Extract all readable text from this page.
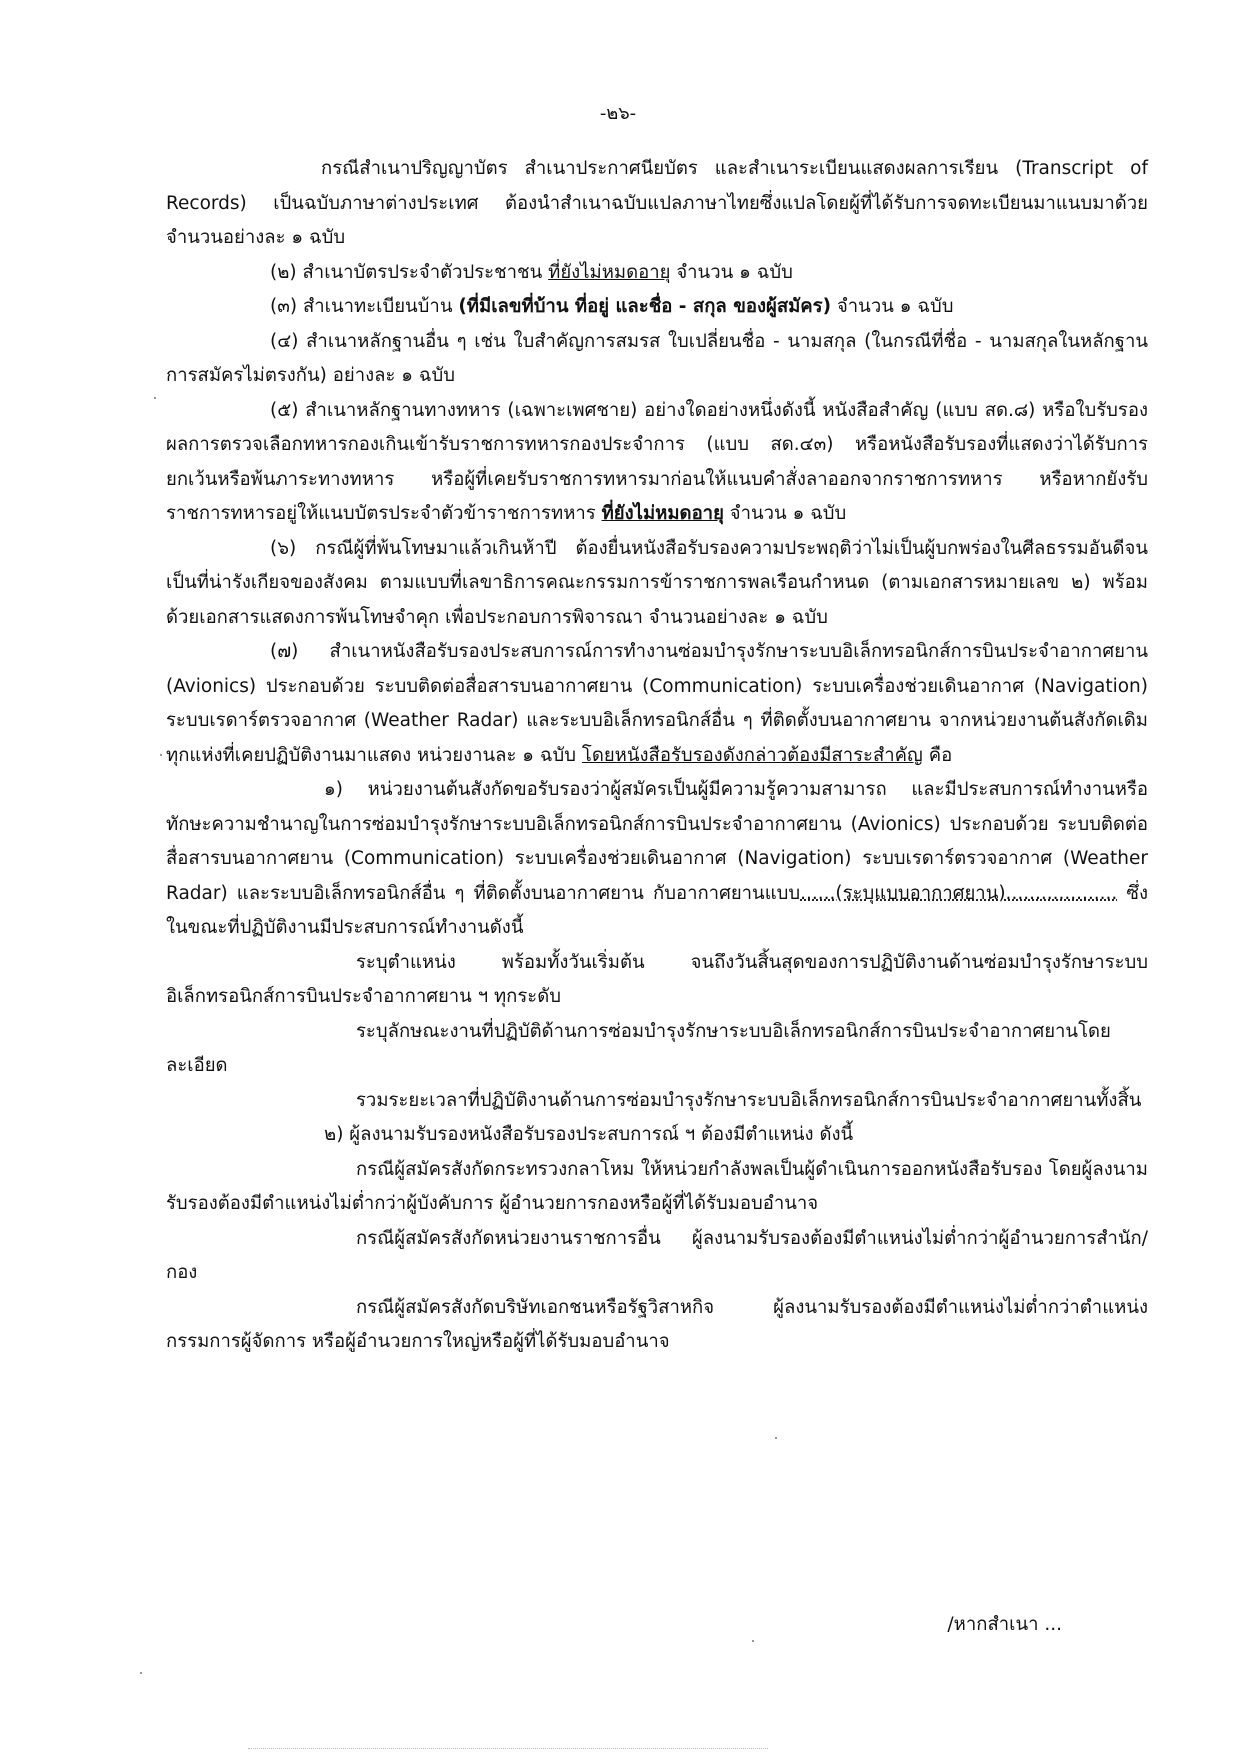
-๒๖-

กรณีสำเนาปริญญาบัตร สำเนาประกาศนียบัตร และสำเนาระเบียนแสดงผลการเรียน (Transcript of Records) เป็นฉบับภาษาต่างประเทศ ต้องนำสำเนาฉบับแปลภาษาไทยซึ่งแปลโดยผู้ที่ได้รับการจดทะเบียนมาแนบมาด้วย จำนวนอย่างละ ๑ ฉบับ

(๒) สำเนาบัตรประจำตัวประชาชน ที่ยังไม่หมดอายุ จำนวน ๑ ฉบับ

(๓) สำเนาทะเบียนบ้าน (ที่มีเลขที่บ้าน ที่อยู่ และชื่อ - สกุล ของผู้สมัคร) จำนวน ๑ ฉบับ

(๔) สำเนาหลักฐานอื่น ๆ เช่น ใบสำคัญการสมรส ใบเปลี่ยนชื่อ - นามสกุล (ในกรณีที่ชื่อ - นามสกุลในหลักฐานการสมัครไม่ตรงกัน) อย่างละ ๑ ฉบับ

(๕) สำเนาหลักฐานทางทหาร (เฉพาะเพศชาย) อย่างใดอย่างหนึ่งดังนี้ หนังสือสำคัญ (แบบ สด.๘) หรือใบรับรองผลการตรวจเลือกทหารกองเกินเข้ารับราชการทหารกองประจำการ (แบบ สด.๔๓) หรือหนังสือรับรองที่แสดงว่าได้รับการยกเว้นหรือพ้นภาระทางทหาร หรือผู้ที่เคยรับราชการทหารมาก่อนให้แนบคำสั่งลาออกจากราชการทหาร หรือหากยังรับราชการทหารอยู่ให้แนบบัตรประจำตัวข้าราชการทหาร ที่ยังไม่หมดอายุ จำนวน ๑ ฉบับ

(๖) กรณีผู้ที่พ้นโทษมาแล้วเกินห้าปี ต้องยื่นหนังสือรับรองความประพฤติว่าไม่เป็นผู้บกพร่องในศีลธรรมอันดีจนเป็นที่น่ารังเกียจของสังคม ตามแบบที่เลขาธิการคณะกรรมการข้าราชการพลเรือนกำหนด (ตามเอกสารหมายเลข ๒) พร้อมด้วยเอกสารแสดงการพ้นโทษจำคุก เพื่อประกอบการพิจารณา จำนวนอย่างละ ๑ ฉบับ

(๗) สำเนาหนังสือรับรองประสบการณ์การทำงานซ่อมบำรุงรักษาระบบอิเล็กทรอนิกส์การบินประจำอากาศยาน (Avionics) ประกอบด้วย ระบบติดต่อสื่อสารบนอากาศยาน (Communication) ระบบเครื่องช่วยเดินอากาศ (Navigation) ระบบเรดาร์ตรวจอากาศ (Weather Radar) และระบบอิเล็กทรอนิกส์อื่น ๆ ที่ติดตั้งบนอากาศยาน จากหน่วยงานต้นสังกัดเดิมทุกแห่งที่เคยปฏิบัติงานมาแสดง หน่วยงานละ ๑ ฉบับ โดยหนังสือรับรองดังกล่าวต้องมีสาระสำคัญ คือ

๑) หน่วยงานต้นสังกัดขอรับรองว่าผู้สมัครเป็นผู้มีความรู้ความสามารถ และมีประสบการณ์ทำงานหรือทักษะความชำนาญในการซ่อมบำรุงรักษาระบบอิเล็กทรอนิกส์การบินประจำอากาศยาน (Avionics) ประกอบด้วย ระบบติดต่อสื่อสารบนอากาศยาน (Communication) ระบบเครื่องช่วยเดินอากาศ (Navigation) ระบบเรดาร์ตรวจอากาศ (Weather Radar) และระบบอิเล็กทรอนิกส์อื่น ๆ ที่ติดตั้งบนอากาศยาน กับอากาศยานแบบ......(ระบุแบบอากาศยาน)................... ซึ่งในขณะที่ปฏิบัติงานมีประสบการณ์ทำงานดังนี้

ระบุตำแหน่ง พร้อมทั้งวันเริ่มต้น จนถึงวันสิ้นสุดของการปฏิบัติงานด้านซ่อมบำรุงรักษาระบบอิเล็กทรอนิกส์การบินประจำอากาศยาน ฯ ทุกระดับ

ระบุลักษณะงานที่ปฏิบัติด้านการซ่อมบำรุงรักษาระบบอิเล็กทรอนิกส์การบินประจำอากาศยานโดยละเอียด

รวมระยะเวลาที่ปฏิบัติงานด้านการซ่อมบำรุงรักษาระบบอิเล็กทรอนิกส์การบินประจำอากาศยานทั้งสิ้น

๒) ผู้ลงนามรับรองหนังสือรับรองประสบการณ์ ฯ ต้องมีตำแหน่ง ดังนี้

กรณีผู้สมัครสังกัดกระทรวงกลาโหม ให้หน่วยกำลังพลเป็นผู้ดำเนินการออกหนังสือรับรอง โดยผู้ลงนามรับรองต้องมีตำแหน่งไม่ต่ำกว่าผู้บังคับการ ผู้อำนวยการกองหรือผู้ที่ได้รับมอบอำนาจ

กรณีผู้สมัครสังกัดหน่วยงานราชการอื่น ผู้ลงนามรับรองต้องมีตำแหน่งไม่ต่ำกว่าผู้อำนวยการสำนัก/กอง

กรณีผู้สมัครสังกัดบริษัทเอกชนหรือรัฐวิสาหกิจ ผู้ลงนามรับรองต้องมีตำแหน่งไม่ต่ำกว่าตำแหน่งกรรมการผู้จัดการ หรือผู้อำนวยการใหญ่หรือผู้ที่ได้รับมอบอำนาจ

/หากสำเนา ...
